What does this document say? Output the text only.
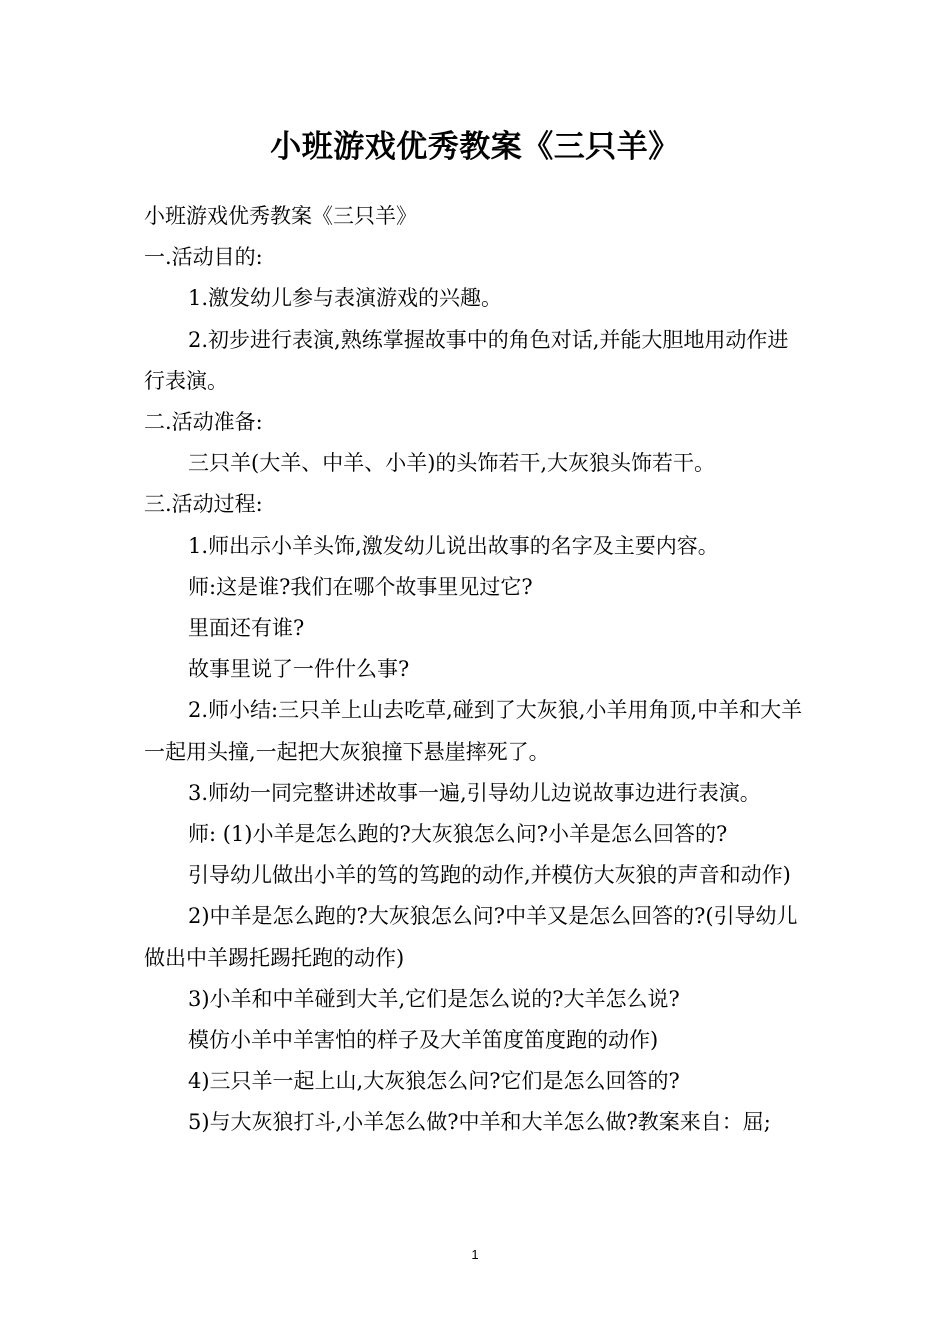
小班游戏优秀教案《三只羊》

小班游戏优秀教案《三只羊》

一.活动目的:

1.激发幼儿参与表演游戏的兴趣。

2.初步进行表演,熟练掌握故事中的角色对话,并能大胆地用动作进行表演。

二.活动准备:

三只羊(大羊、中羊、小羊)的头饰若干,大灰狼头饰若干。

三.活动过程:

1.师出示小羊头饰,激发幼儿说出故事的名字及主要内容。

师:这是谁?我们在哪个故事里见过它?

里面还有谁?

故事里说了一件什么事?

2.师小结:三只羊上山去吃草,碰到了大灰狼,小羊用角顶,中羊和大羊一起用头撞,一起把大灰狼撞下悬崖摔死了。

3.师幼一同完整讲述故事一遍,引导幼儿边说故事边进行表演。

师: (1)小羊是怎么跑的?大灰狼怎么问?小羊是怎么回答的?

引导幼儿做出小羊的笃的笃跑的动作,并模仿大灰狼的声音和动作)

2)中羊是怎么跑的?大灰狼怎么问?中羊又是怎么回答的?(引导幼儿做出中羊踢托踢托跑的动作)

3)小羊和中羊碰到大羊,它们是怎么说的?大羊怎么说?

模仿小羊中羊害怕的样子及大羊笛度笛度跑的动作)

4)三只羊一起上山,大灰狼怎么问?它们是怎么回答的?

5)与大灰狼打斗,小羊怎么做?中羊和大羊怎么做?教案来自：屈;

1
